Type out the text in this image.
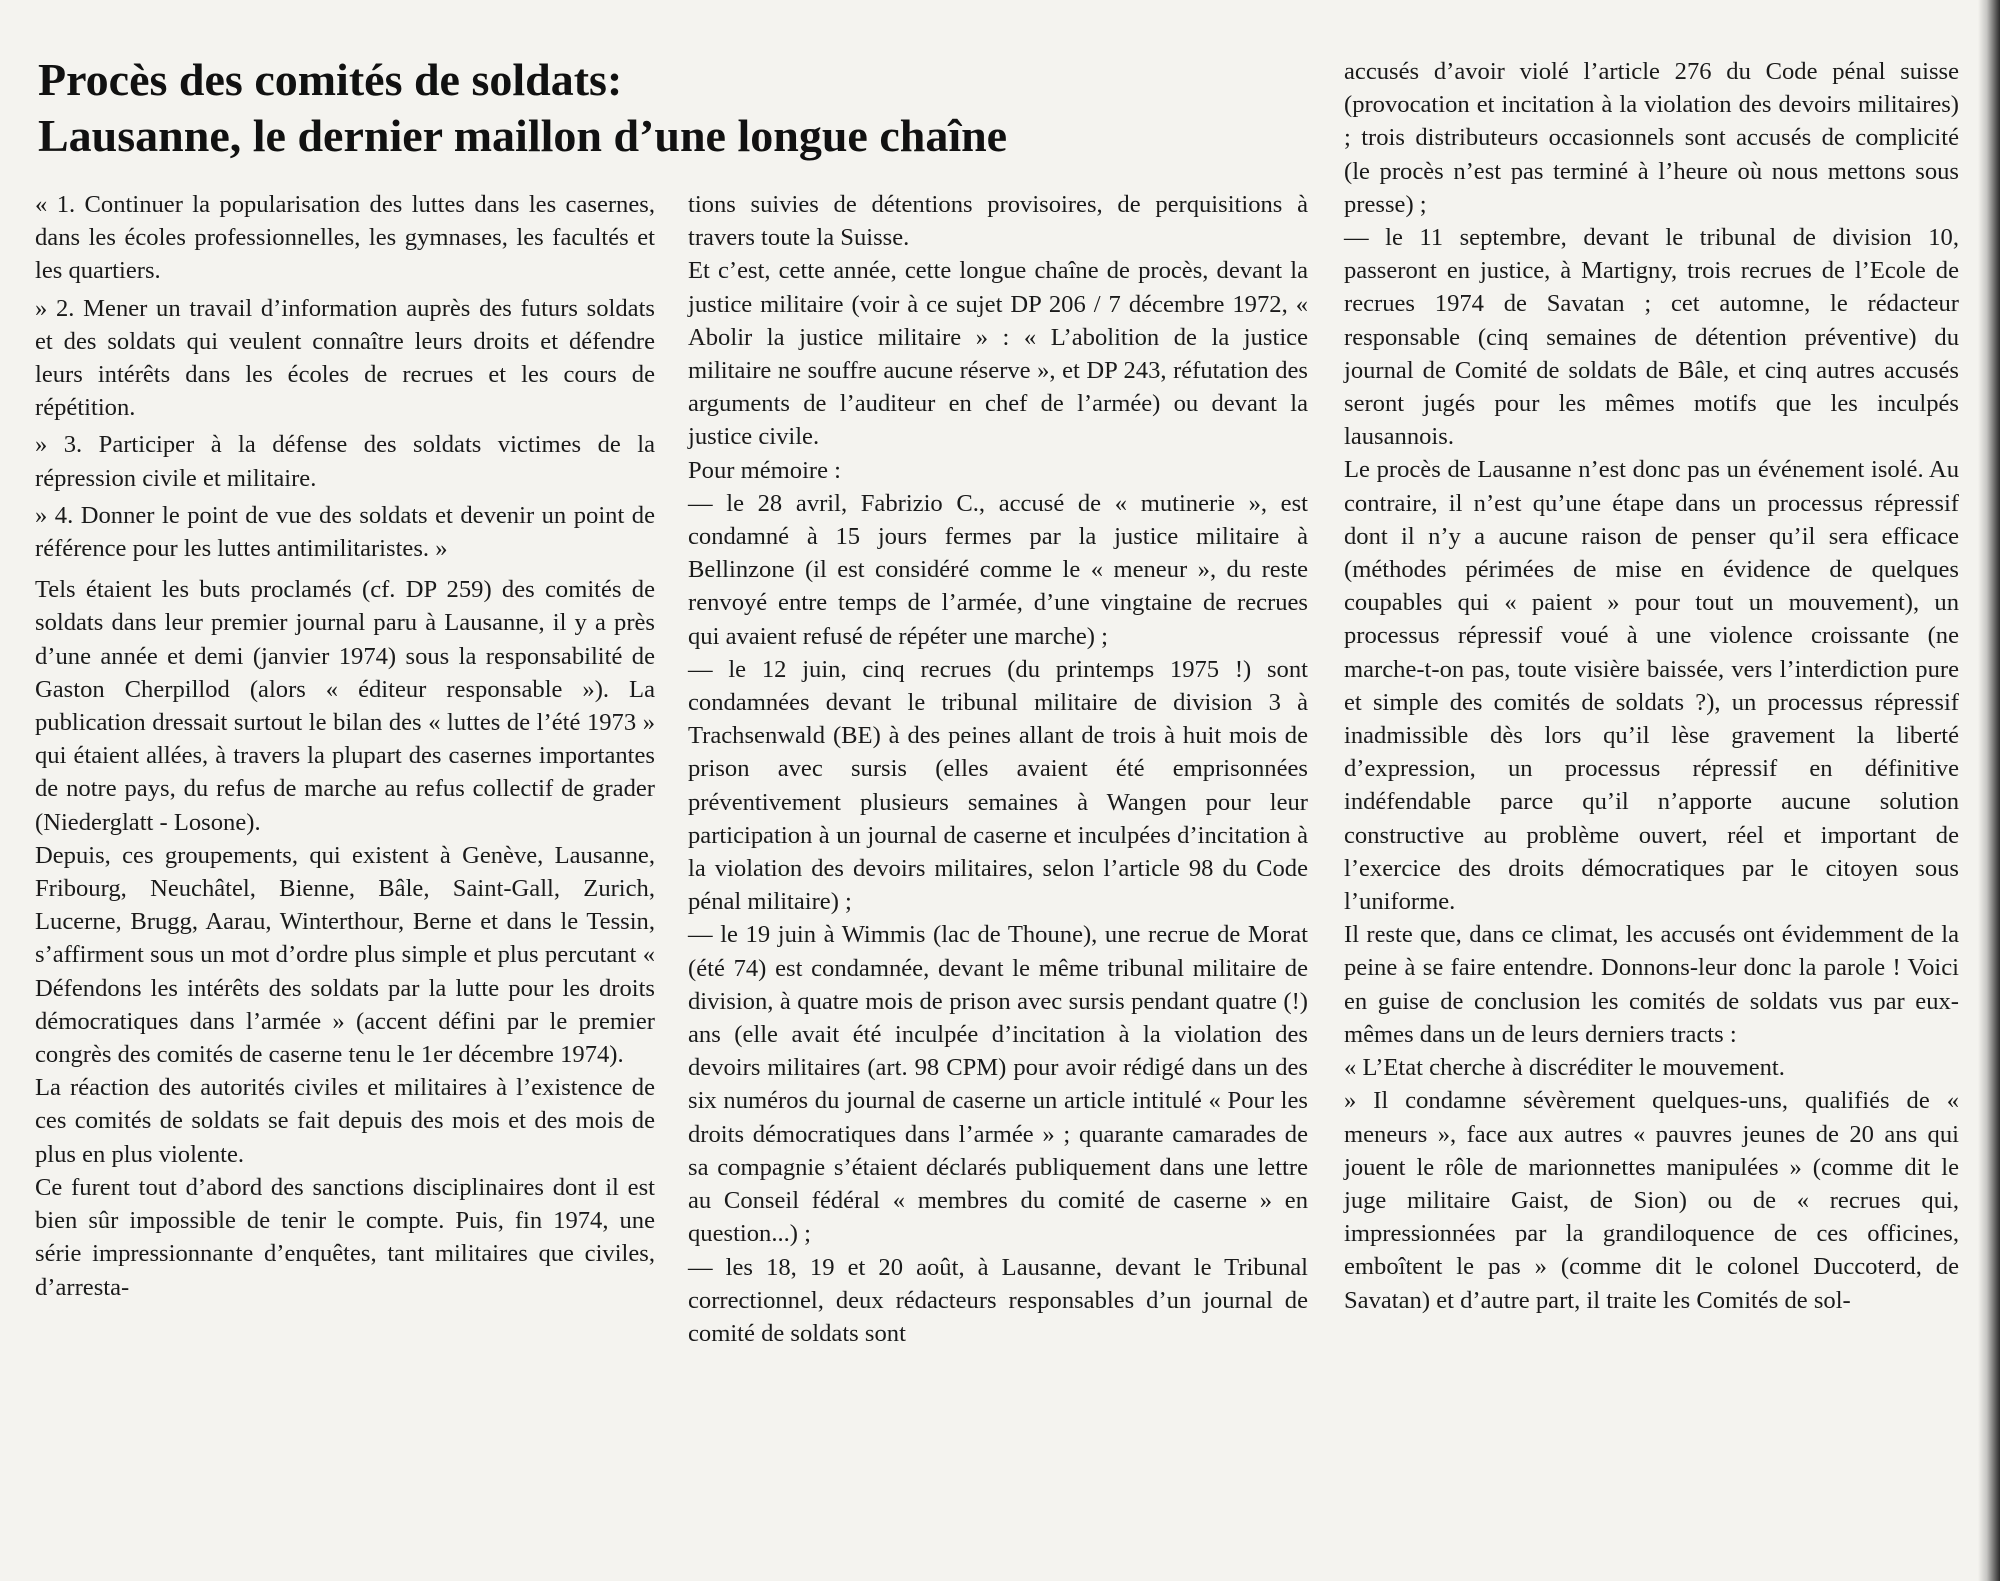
Procès des comités de soldats:
Lausanne, le dernier maillon d’une longue chaîne

« 1. Continuer la popularisation des luttes dans les casernes, dans les écoles professionnelles, les gymnases, les facultés et les quartiers.

» 2. Mener un travail d’information auprès des futurs soldats et des soldats qui veulent connaître leurs droits et défendre leurs intérêts dans les écoles de recrues et les cours de répétition.

» 3. Participer à la défense des soldats victimes de la répression civile et militaire.

» 4. Donner le point de vue des soldats et devenir un point de référence pour les luttes antimilitaristes. »

Tels étaient les buts proclamés (cf. DP 259) des comités de soldats dans leur premier journal paru à Lausanne, il y a près d’une année et demi (janvier 1974) sous la responsabilité de Gaston Cherpillod (alors « éditeur responsable »). La publication dressait surtout le bilan des « luttes de l’été 1973 » qui étaient allées, à travers la plupart des casernes importantes de notre pays, du refus de marche au refus collectif de grader (Niederglatt - Losone).

Depuis, ces groupements, qui existent à Genève, Lausanne, Fribourg, Neuchâtel, Bienne, Bâle, Saint-Gall, Zurich, Lucerne, Brugg, Aarau, Winterthour, Berne et dans le Tessin, s’affirment sous un mot d’ordre plus simple et plus percutant « Défendons les intérêts des soldats par la lutte pour les droits démocratiques dans l’armée » (accent défini par le premier congrès des comités de caserne tenu le 1er décembre 1974).

La réaction des autorités civiles et militaires à l’existence de ces comités de soldats se fait depuis des mois et des mois de plus en plus violente.

Ce furent tout d’abord des sanctions disciplinaires dont il est bien sûr impossible de tenir le compte. Puis, fin 1974, une série impressionnante d’enquêtes, tant militaires que civiles, d’arresta-

tions suivies de détentions provisoires, de perquisitions à travers toute la Suisse.

Et c’est, cette année, cette longue chaîne de procès, devant la justice militaire (voir à ce sujet DP 206 / 7 décembre 1972, « Abolir la justice militaire » : « L’abolition de la justice militaire ne souffre aucune réserve », et DP 243, réfutation des arguments de l’auditeur en chef de l’armée) ou devant la justice civile.

Pour mémoire :

— le 28 avril, Fabrizio C., accusé de « mutinerie », est condamné à 15 jours fermes par la justice militaire à Bellinzone (il est considéré comme le « meneur », du reste renvoyé entre temps de l’armée, d’une vingtaine de recrues qui avaient refusé de répéter une marche) ;

— le 12 juin, cinq recrues (du printemps 1975 !) sont condamnées devant le tribunal militaire de division 3 à Trachsenwald (BE) à des peines allant de trois à huit mois de prison avec sursis (elles avaient été emprisonnées préventivement plusieurs semaines à Wangen pour leur participation à un journal de caserne et inculpées d’incitation à la violation des devoirs militaires, selon l’article 98 du Code pénal militaire) ;

— le 19 juin à Wimmis (lac de Thoune), une recrue de Morat (été 74) est condamnée, devant le même tribunal militaire de division, à quatre mois de prison avec sursis pendant quatre (!) ans (elle avait été inculpée d’incitation à la violation des devoirs militaires (art. 98 CPM) pour avoir rédigé dans un des six numéros du journal de caserne un article intitulé « Pour les droits démocratiques dans l’armée » ; quarante camarades de sa compagnie s’étaient déclarés publiquement dans une lettre au Conseil fédéral « membres du comité de caserne » en question...) ;

— les 18, 19 et 20 août, à Lausanne, devant le Tribunal correctionnel, deux rédacteurs responsables d’un journal de comité de soldats sont

accusés d’avoir violé l’article 276 du Code pénal suisse (provocation et incitation à la violation des devoirs militaires) ; trois distributeurs occasionnels sont accusés de complicité (le procès n’est pas terminé à l’heure où nous mettons sous presse) ;

— le 11 septembre, devant le tribunal de division 10, passeront en justice, à Martigny, trois recrues de l’Ecole de recrues 1974 de Savatan ; cet automne, le rédacteur responsable (cinq semaines de détention préventive) du journal de Comité de soldats de Bâle, et cinq autres accusés seront jugés pour les mêmes motifs que les inculpés lausannois.

Le procès de Lausanne n’est donc pas un événement isolé. Au contraire, il n’est qu’une étape dans un processus répressif dont il n’y a aucune raison de penser qu’il sera efficace (méthodes périmées de mise en évidence de quelques coupables qui « paient » pour tout un mouvement), un processus répressif voué à une violence croissante (ne marche-t-on pas, toute visière baissée, vers l’interdiction pure et simple des comités de soldats ?), un processus répressif inadmissible dès lors qu’il lèse gravement la liberté d’expression, un processus répressif en définitive indéfendable parce qu’il n’apporte aucune solution constructive au problème ouvert, réel et important de l’exercice des droits démocratiques par le citoyen sous l’uniforme.

Il reste que, dans ce climat, les accusés ont évidemment de la peine à se faire entendre. Donnons-leur donc la parole ! Voici en guise de conclusion les comités de soldats vus par eux-mêmes dans un de leurs derniers tracts :

« L’Etat cherche à discréditer le mouvement.

» Il condamne sévèrement quelques-uns, qualifiés de « meneurs », face aux autres « pauvres jeunes de 20 ans qui jouent le rôle de marionnettes manipulées » (comme dit le juge militaire Gaist, de Sion) ou de « recrues qui, impressionnées par la grandiloquence de ces officines, emboîtent le pas » (comme dit le colonel Duccoterd, de Savatan) et d’autre part, il traite les Comités de sol-
